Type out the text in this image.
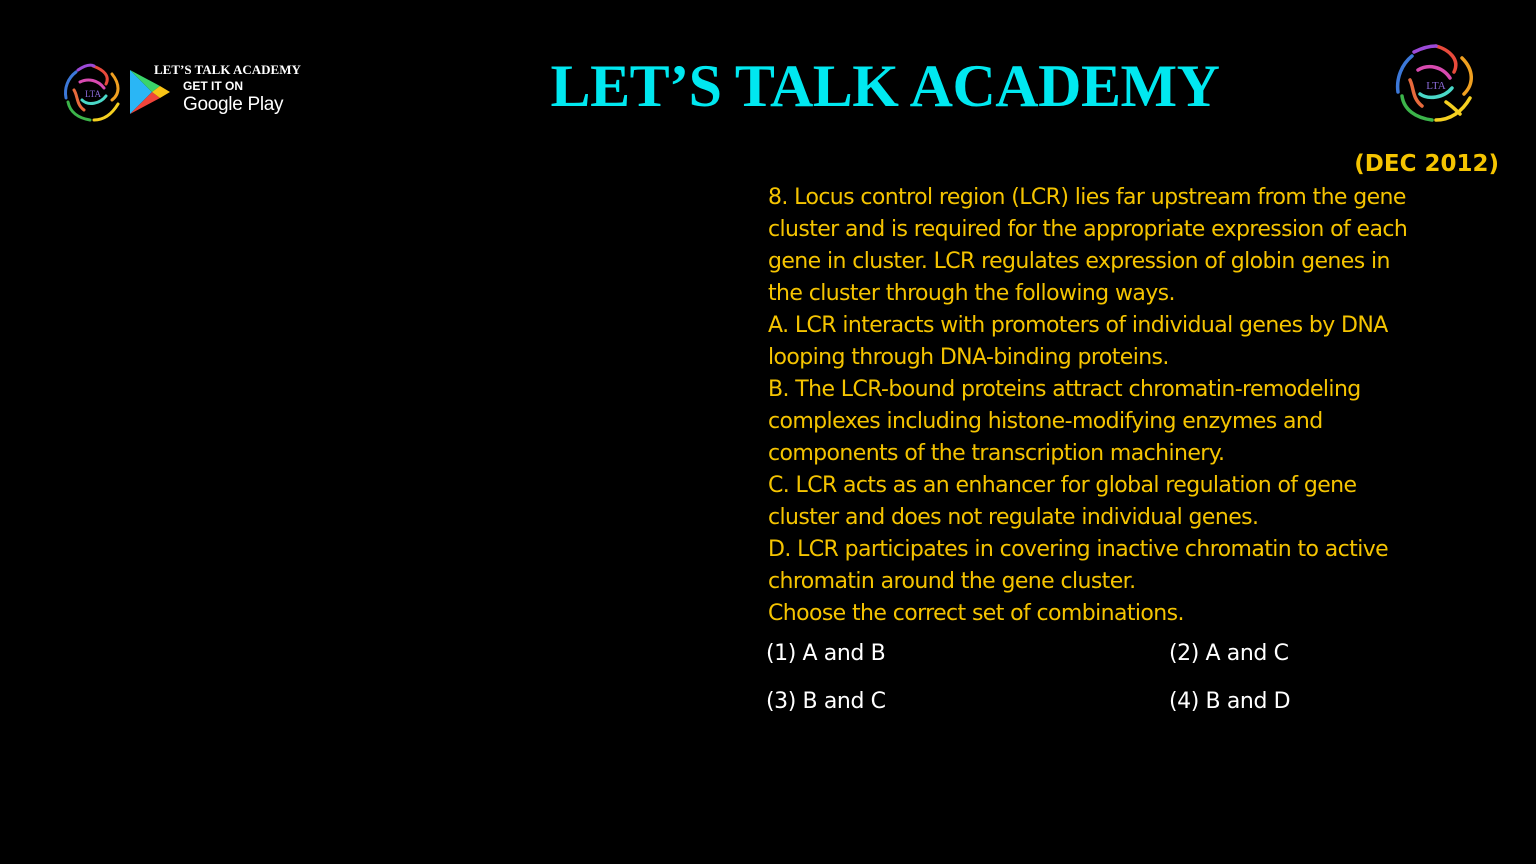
LTA
LET’S TALK ACADEMY
GET IT ON
Google Play	LET’S TALK ACADEMY	LTA
(DEC 2012)
8. Locus control region (LCR) lies far upstream from the gene
cluster and is required for the appropriate expression of each
gene in cluster. LCR regulates expression of globin genes in
the cluster through the following ways.
A. LCR interacts with promoters of individual genes by DNA
looping through DNA-binding proteins.
B. The LCR-bound proteins attract chromatin-remodeling
complexes including histone-modifying enzymes and
components of the transcription machinery.
C. LCR acts as an enhancer for global regulation of gene
cluster and does not regulate individual genes.
D. LCR participates in covering inactive chromatin to active
chromatin around the gene cluster.
Choose the correct set of combinations.
(1) A and B	(2) A and C
(3) B and C	(4) B and D
